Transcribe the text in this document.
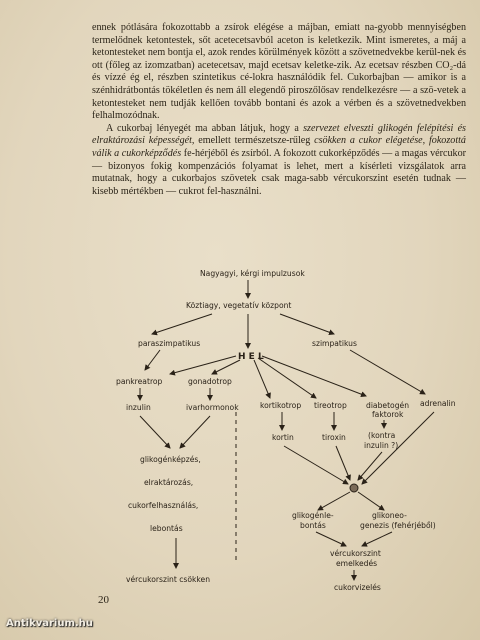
ennek pótlására fokozottabb a zsírok elégése a májban, emiatt na-gyobb mennyiségben termelődnek ketontestek, sőt acetecetsavból aceton is keletkezik. Mint ismeretes, a máj a ketontesteket nem bontja el, azok rendes körülmények között a szövetnedvekbe kerül-nek és ott (főleg az izomzatban) acetecetsav, majd ecetsav keletke-zik. Az ecetsav részben CO₂-dá és vízzé ég el, részben szintetikus cé-lokra használódik fel. Cukorbajban — amikor is a szénhidrátbontás tökéletlen és nem áll elegendő piroszőlősav rendelkezésre — a szö-vetek a ketontesteket nem tudják kellően tovább bontani és azok a vérben és a szövetnedvekben felhalmozódnak.

A cukorbaj lényegét ma abban látjuk, hogy a szervezet elveszti glikogén felépítési és elraktározási képességét, emellett természetsze-rűleg csökken a cukor elégetése, fokozottá válik a cukorképződés fe-hérjéből és zsírból. A fokozott cukorképződés — a magas vércukor — bizonyos fokig kompenzációs folyamat is lehet, mert a kísérleti vizsgálatok arra mutatnak, hogy a cukorbajos szövetek csak maga-sabb vércukorszint esetén tudnak — kisebb mértékben — cukrot fel-használni.

Nagyagyi, kérgi impulzusok
Köztiagy, vegetatív központ
paraszimpatikus	szimpatikus
H E L
pankreatrop	gonadotrop
inzulin	ivarhormonok	kortikotrop tireotrop	diabetogén
faktorok
adrenalin
kortin	tiroxin	(kontra
inzulin ?)
glikogénle-
bontás
glikoneo-
genezis (fehérjéből)
vércukorszint
emelkedés
cukorvizelés
glikogénképzés,
elraktározás,
cukorfelhasználás,
lebontás
vércukorszint csökken
20
Antikvarium.hu
